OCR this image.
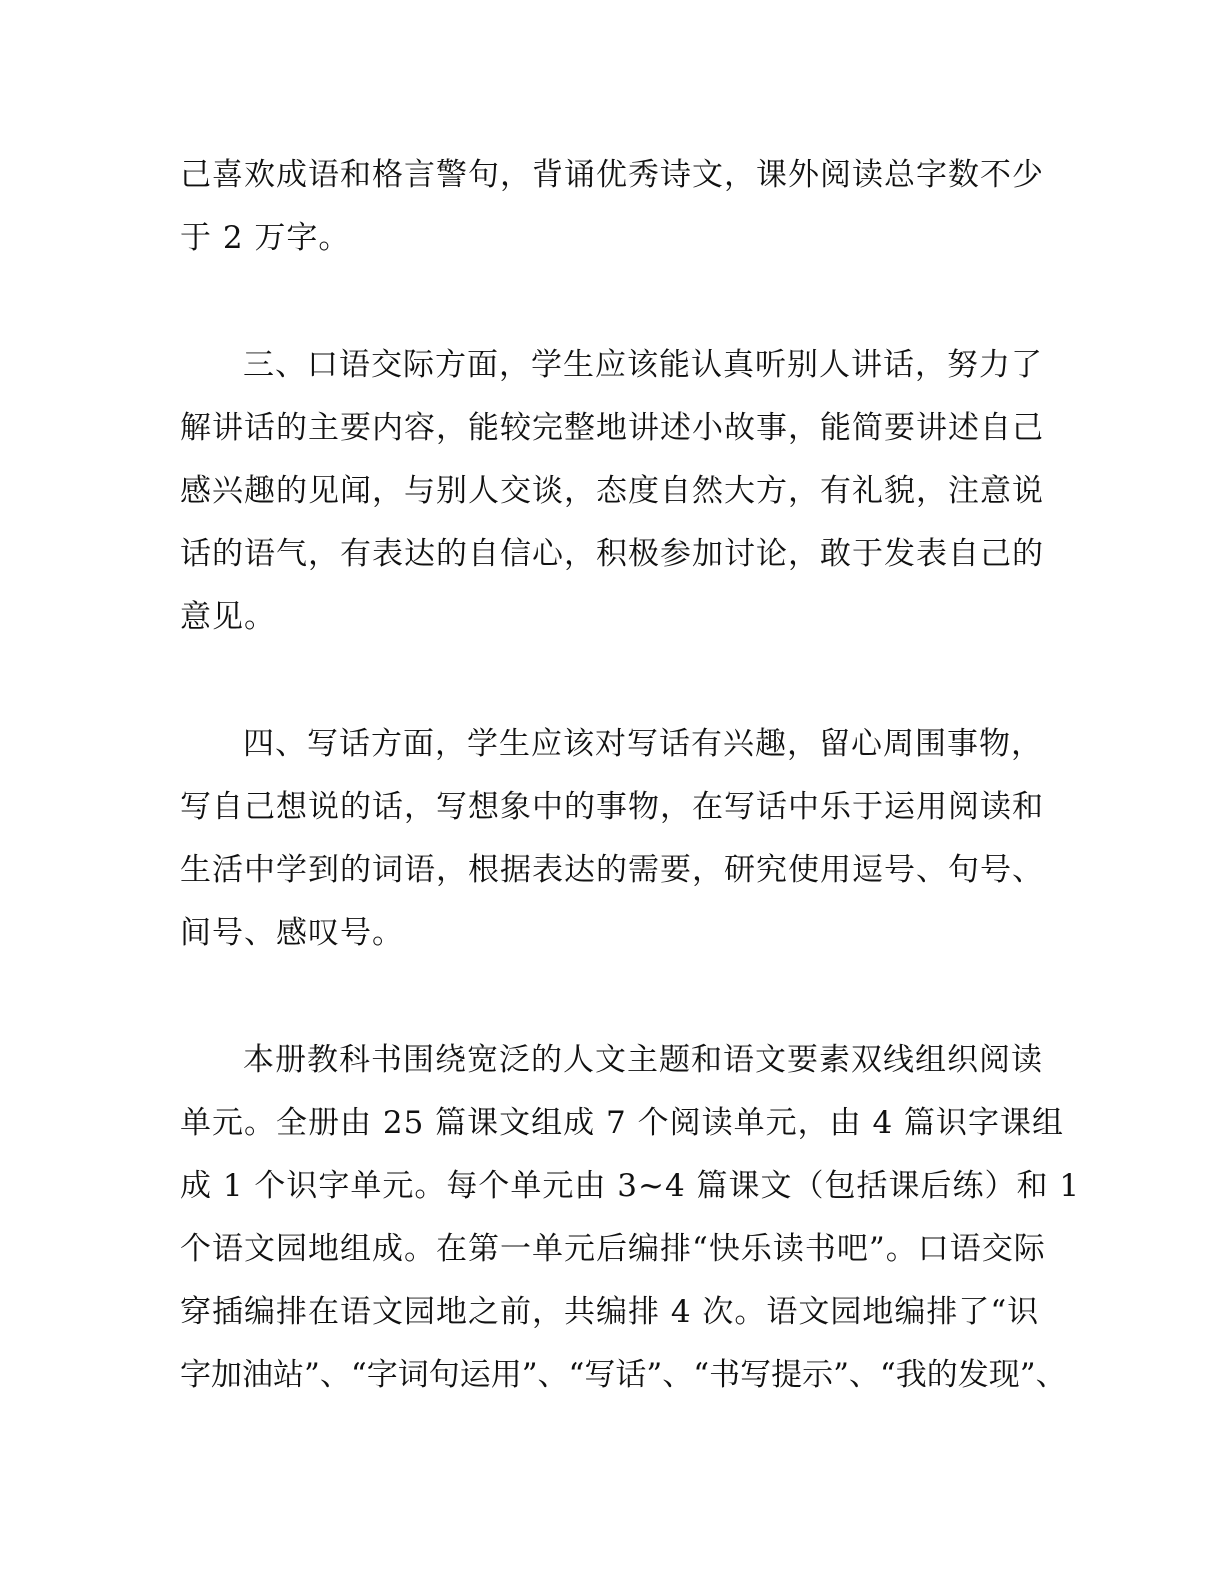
己喜欢成语和格言警句，背诵优秀诗文，课外阅读总字数不少
于 2 万字。
三、口语交际方面，学生应该能认真听别人讲话，努力了
解讲话的主要内容，能较完整地讲述小故事，能简要讲述自己
感兴趣的见闻，与别人交谈，态度自然大方，有礼貌，注意说
话的语气，有表达的自信心，积极参加讨论，敢于发表自己的
意见。
四、写话方面，学生应该对写话有兴趣，留心周围事物，
写自己想说的话，写想象中的事物，在写话中乐于运用阅读和
生活中学到的词语，根据表达的需要，研究使用逗号、句号、
间号、感叹号。
本册教科书围绕宽泛的人文主题和语文要素双线组织阅读
单元。全册由 25 篇课文组成 7 个阅读单元，由 4 篇识字课组
成 1 个识字单元。每个单元由 3~4 篇课文（包括课后练）和 1
个语文园地组成。在第一单元后编排“快乐读书吧”。口语交际
穿插编排在语文园地之前，共编排 4 次。语文园地编排了“识
字加油站”、“字词句运用”、“写话”、“书写提示”、“我的发现”、
